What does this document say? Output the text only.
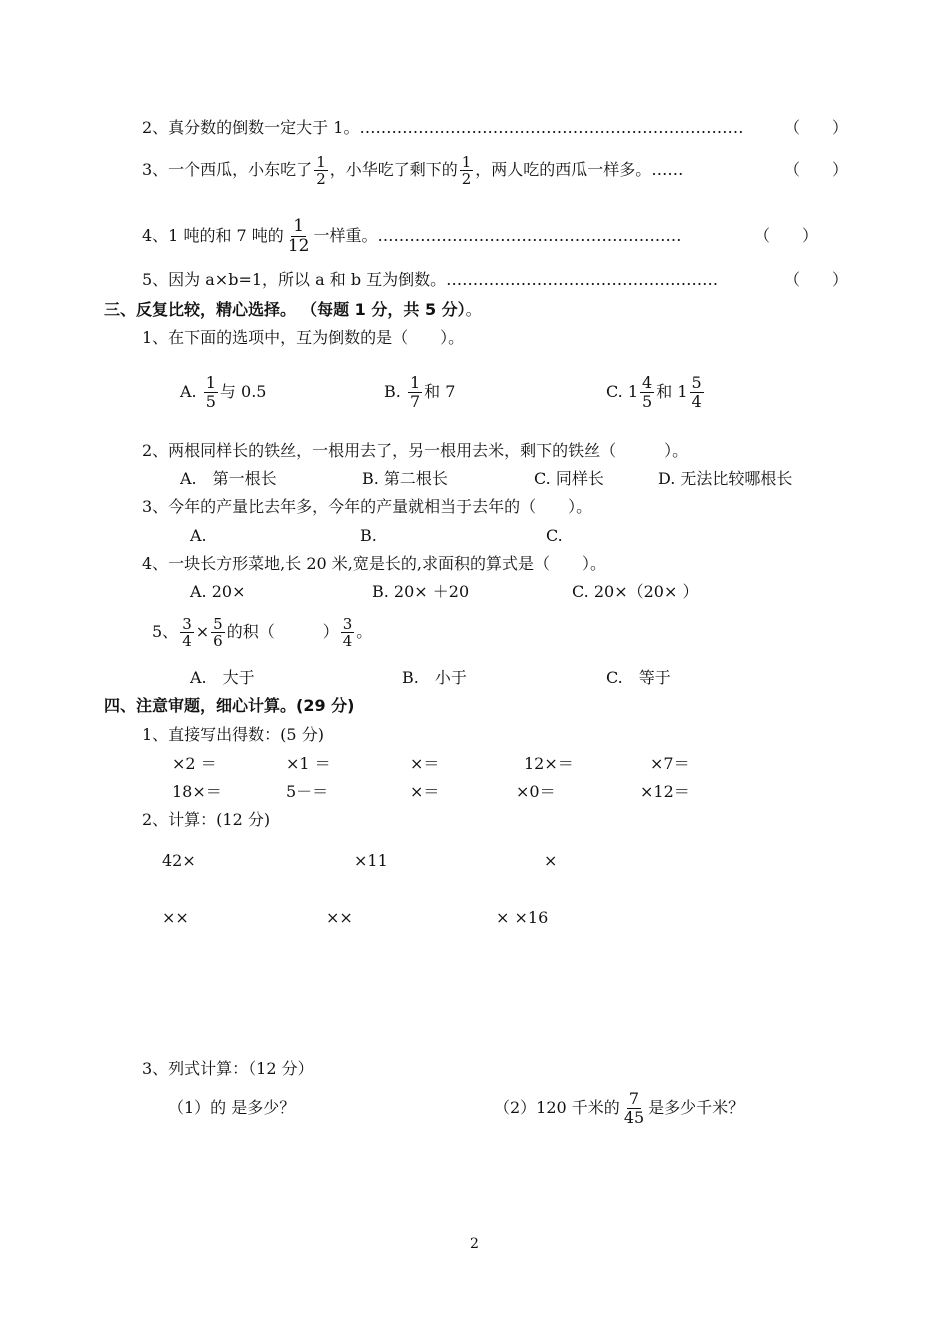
2、真分数的倒数一定大于 1。………………………………………………………………	（　　）
3、一个西瓜，小东吃了 $\frac{1}{2}$ ，小华吃了剩下的 $\frac{1}{2}$ ，两人吃的西瓜一样多。……	（　　）
4、1 吨的和 7 吨的 $\frac{1}{12}$ 一样重。…………………………………………………	（　　）
5、因为 a×b=1，所以 a 和 b 互为倒数。……………………………………………	（　　）
三、反复比较，精心选择。 （每题 1 分，共 5 分）。
1、在下面的选项中，互为倒数的是（　　）。
A. $\frac{1}{5}$ 与 0.5	B. $\frac{1}{7}$ 和 7	C. $1 \frac{4}{5}$ 和 $1 \frac{5}{4}$
2、两根同样长的铁丝，一根用去了，另一根用去米，剩下的铁丝（　　　）。
A.　第一根长	B. 第二根长	C. 同样长	D. 无法比较哪根长
3、今年的产量比去年多，今年的产量就相当于去年的（　　）。
A.	B.	C.
4、一块长方形菜地,长 20 米,宽是长的,求面积的算式是（　　）。
A. 20×	B. 20× ＋20	C. 20×（20× ）
5、 $\frac{3}{4} \times \frac{5}{6}$ 的积（　　　） $\frac{3}{4}$ 。
A.　大于	B.　小于	C.　等于
四、注意审题，细心计算。(29 分)
1、直接写出得数：(5 分)
×2 ＝	×1 ＝	×＝	12×＝	×7＝
18×＝	5－＝	×＝	×0＝	×12＝
2、计算：(12 分)
42×	×11	×
××	××	× ×16
3、列式计算：（12 分）
（1）的 是多少？	（2）120 千米的 $\frac{7}{45}$ 是多少千米？
2
